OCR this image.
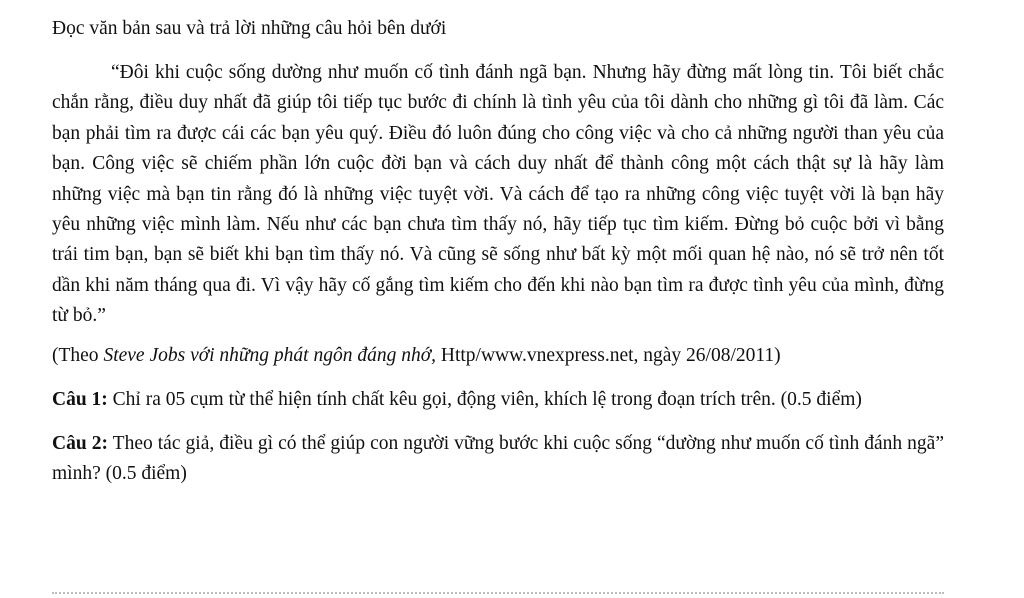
Đọc văn bản sau và trả lời những câu hỏi bên dưới

“Đôi khi cuộc sống dường như muốn cố tình đánh ngã bạn. Nhưng hãy đừng mất lòng tin. Tôi biết chắc chắn rằng, điều duy nhất đã giúp tôi tiếp tục bước đi chính là tình yêu của tôi dành cho những gì tôi đã làm. Các bạn phải tìm ra được cái các bạn yêu quý. Điều đó luôn đúng cho công việc và cho cả những người than yêu của bạn. Công việc sẽ chiếm phần lớn cuộc đời bạn và cách duy nhất để thành công một cách thật sự là hãy làm những việc mà bạn tin rằng đó là những việc tuyệt vời. Và cách để tạo ra những công việc tuyệt vời là bạn hãy yêu những việc mình làm. Nếu như các bạn chưa tìm thấy nó, hãy tiếp tục tìm kiếm. Đừng bỏ cuộc bởi vì bằng trái tim bạn, bạn sẽ biết khi bạn tìm thấy nó. Và cũng sẽ sống như bất kỳ một mối quan hệ nào, nó sẽ trở nên tốt dần khi năm tháng qua đi. Vì vậy hãy cố gắng tìm kiếm cho đến khi nào bạn tìm ra được tình yêu của mình, đừng từ bỏ.”

(Theo Steve Jobs với những phát ngôn đáng nhớ, Http/www.vnexpress.net, ngày 26/08/2011)

Câu 1: Chỉ ra 05 cụm từ thể hiện tính chất kêu gọi, động viên, khích lệ trong đoạn trích trên. (0.5 điểm)

Câu 2: Theo tác giả, điều gì có thể giúp con người vững bước khi cuộc sống “dường như muốn cố tình đánh ngã” mình? (0.5 điểm)
